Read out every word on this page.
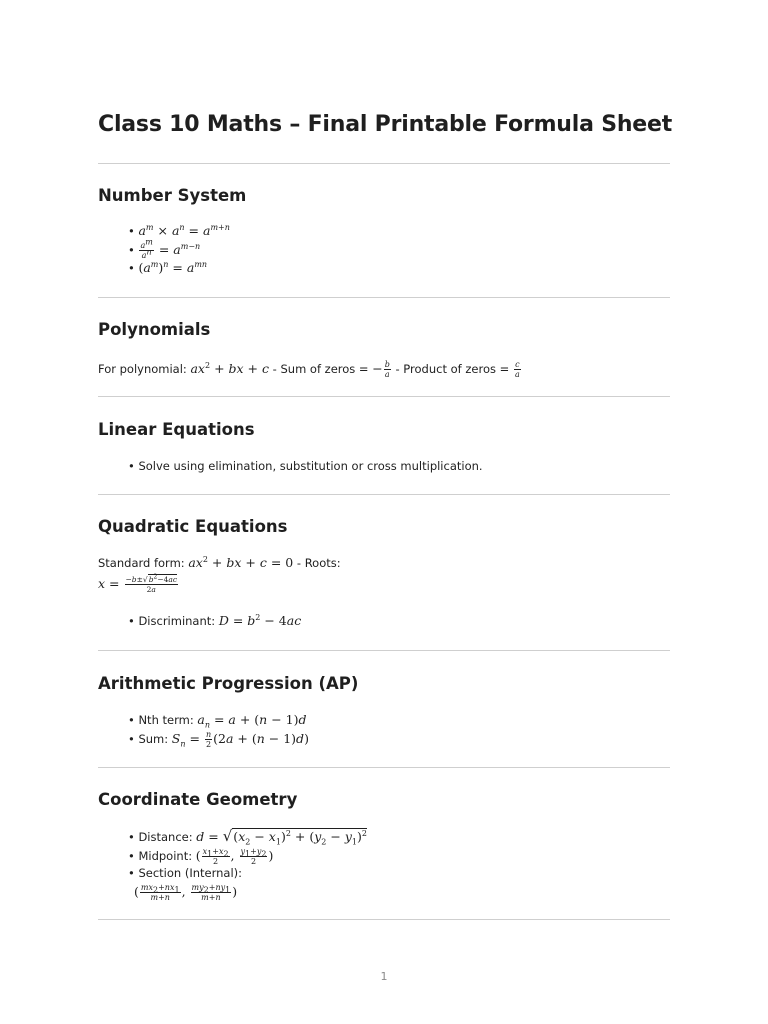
Class 10 Maths – Final Printable Formula Sheet
Number System
• $a^m \times a^n = a^{m+n}$
• $\frac{a^m}{a^n} = a^{m-n}$
• $(a^m)^n = a^{mn}$
Polynomials
For polynomial: $ax^2$ + bx + c - Sum of zeros = − $\frac{b}{a}$ - Product of zeros = $\frac{c}{a}$
Linear Equations
• Solve using elimination, substitution or cross multiplication.
Quadratic Equations
Standard form: $ax^2$ + bx + c = 0 - Roots:
$x = \frac{-b\pm√b^2-4ac}{2a}$
• Discriminant: $D = b^2 - 4ac$
Arithmetic Progression (AP)
• Nth term: $a_n = a + (n - 1)d$
• Sum: $S_n = \frac{n}{2} (2a + (n - 1)d)$
Coordinate Geometry
• Distance: $d = √(x_2 - x_1)^2 + (y_2 - y_1)^2$
• Midpoint: ( $\frac{x_1+x_2}{2}$ , $\frac{y_1+y_2}{2}$ )
• Section (Internal):
( $\frac{mx_2+nx_1}{m+n}$ , $\frac{my_2+ny_1}{m+n}$ )
1
